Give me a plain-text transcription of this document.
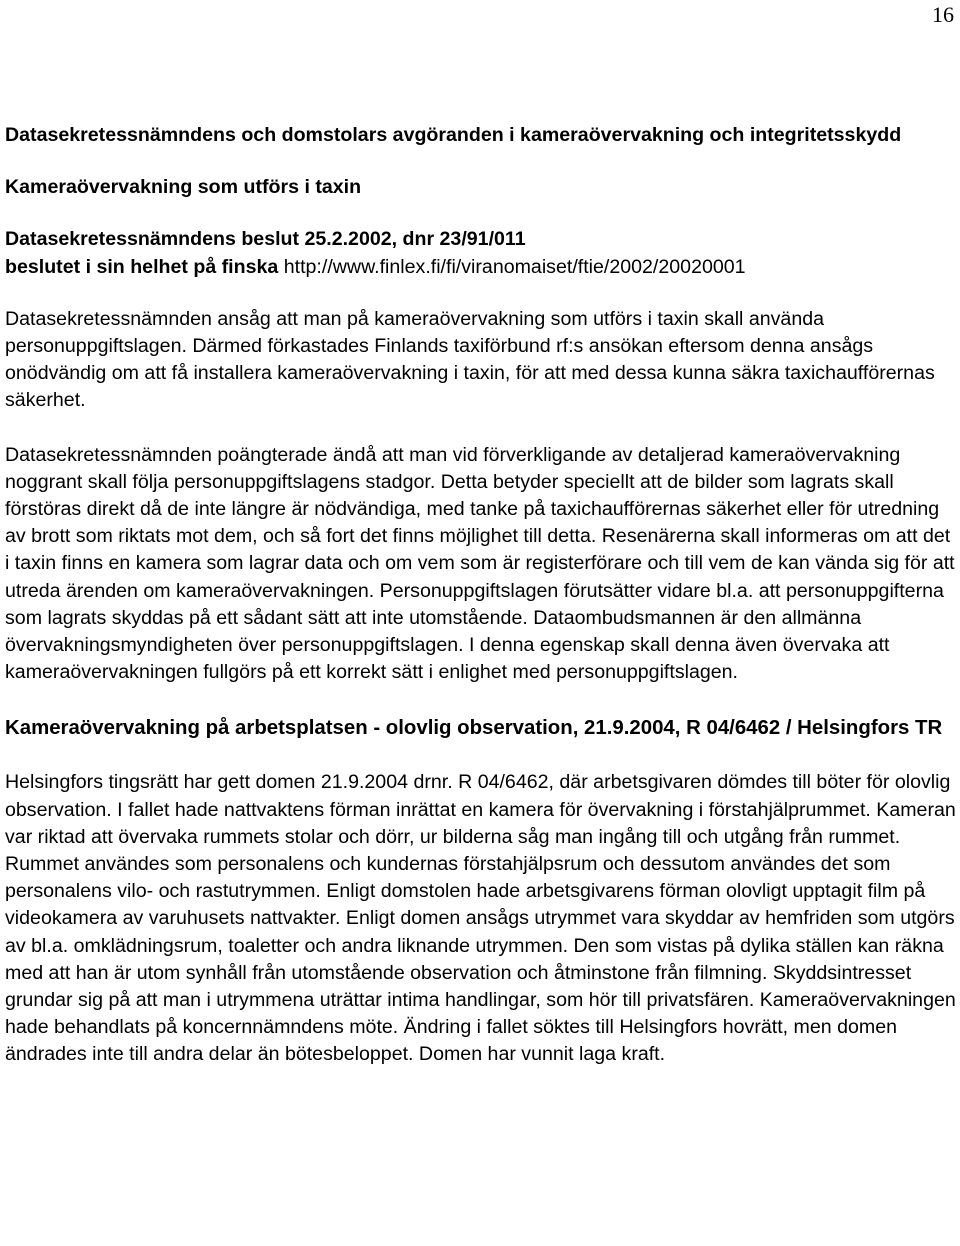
16
Datasekretessnämndens och domstolars avgöranden i kameraövervakning och integritetsskydd
Kameraövervakning som utförs i taxin

Datasekretessnämndens beslut 25.2.2002, dnr 23/91/011
beslutet i sin helhet på finska http://www.finlex.fi/fi/viranomaiset/ftie/2002/20020001

Datasekretessnämnden ansåg att man på kameraövervakning som utförs i taxin skall använda personuppgiftslagen. Därmed förkastades Finlands taxiförbund rf:s ansökan eftersom denna ansågs onödvändig om att få installera kameraövervakning i taxin, för att med dessa kunna säkra taxichaufförernas säkerhet.

Datasekretessnämnden poängterade ändå att man vid förverkligande av detaljerad kameraövervakning noggrant skall följa personuppgiftslagens stadgor. Detta betyder speciellt att de bilder som lagrats skall förstöras direkt då de inte längre är nödvändiga, med tanke på taxichaufförernas säkerhet eller för utredning av brott som riktats mot dem, och så fort det finns möjlighet till detta. Resenärerna skall informeras om att det i taxin finns en kamera som lagrar data och om vem som är registerförare och till vem de kan vända sig för att utreda ärenden om kameraövervakningen. Personuppgiftslagen förutsätter vidare bl.a. att personuppgifterna som lagrats skyddas på ett sådant sätt att inte utomstående. Dataombudsmannen är den allmänna övervakningsmyndigheten över personuppgiftslagen. I denna egenskap skall denna även övervaka att kameraövervakningen fullgörs på ett korrekt sätt i enlighet med personuppgiftslagen.

Kameraövervakning på arbetsplatsen - olovlig observation, 21.9.2004, R 04/6462 / Helsingfors TR

Helsingfors tingsrätt har gett domen 21.9.2004 drnr. R 04/6462, där arbetsgivaren dömdes till böter för olovlig observation. I fallet hade nattvaktens förman inrättat en kamera för övervakning i förstahjälprummet. Kameran var riktad att övervaka rummets stolar och dörr, ur bilderna såg man ingång till och utgång från rummet. Rummet användes som personalens och kundernas förstahjälpsrum och dessutom användes det som personalens vilo- och rastutrymmen. Enligt domstolen hade arbetsgivarens förman olovligt upptagit film på videokamera av varuhusets nattvakter. Enligt domen ansågs utrymmet vara skyddar av hemfriden som utgörs av bl.a. omklädningsrum, toaletter och andra liknande utrymmen. Den som vistas på dylika ställen kan räkna med att han är utom synhåll från utomstående observation och åtminstone från filmning. Skyddsintresset grundar sig på att man i utrymmena uträttar intima handlingar, som hör till privatsfären. Kameraövervakningen hade behandlats på koncernnämndens möte. Ändring i fallet söktes till Helsingfors hovrätt, men domen ändrades inte till andra delar än bötesbeloppet. Domen har vunnit laga kraft.
